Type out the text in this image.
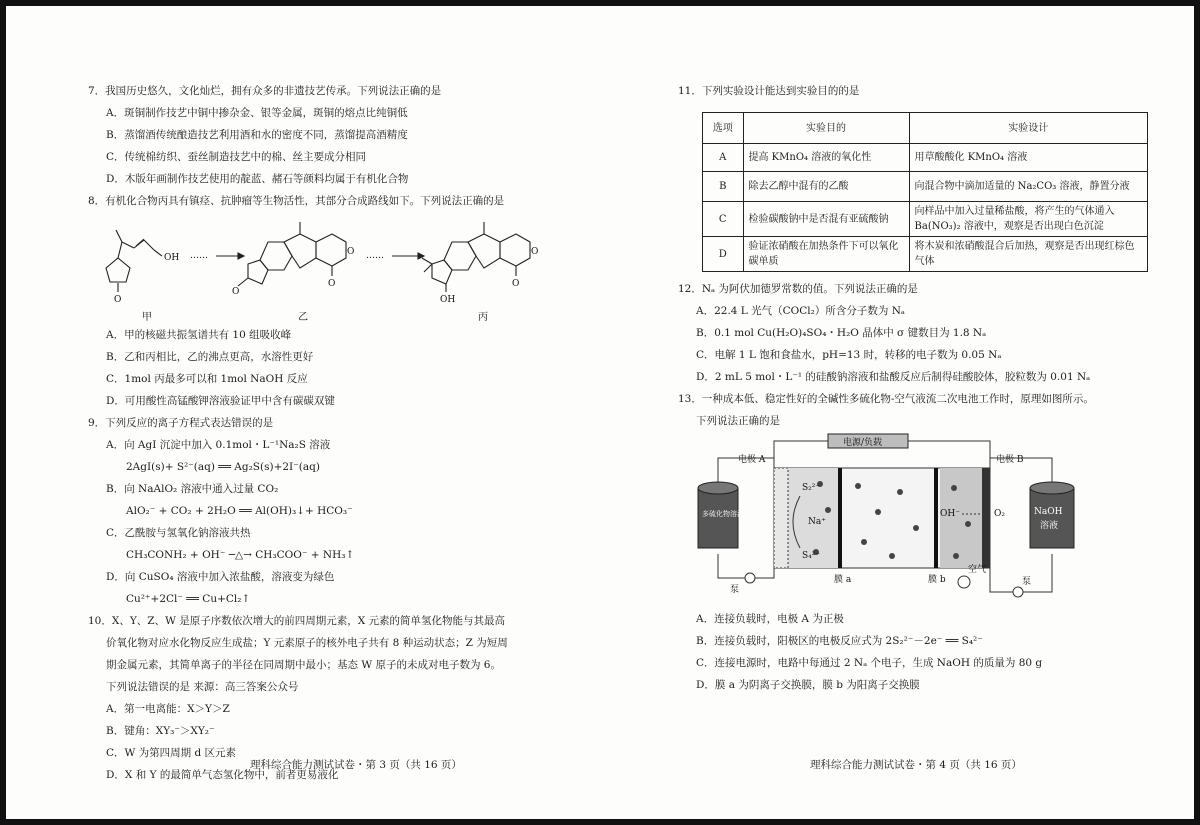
7．我国历史悠久，文化灿烂，拥有众多的非遗技艺传承。下列说法正确的是

A．斑铜制作技艺中铜中掺杂金、银等金属，斑铜的熔点比纯铜低

B．蒸馏酒传统酿造技艺利用酒和水的密度不同，蒸馏提高酒精度

C．传统棉纺织、蚕丝制造技艺中的棉、丝主要成分相同

D．木版年画制作技艺使用的靛蓝、赭石等颜料均属于有机化合物

8．有机化合物丙具有镇痉、抗肿瘤等生物活性，其部分合成路线如下。下列说法正确的是

O
OH ……
O
O
O
……
OH
O
O
甲	乙	丙

A．甲的核磁共振氢谱共有 10 组吸收峰

B．乙和丙相比，乙的沸点更高，水溶性更好

C．1mol 丙最多可以和 1mol NaOH 反应

D．可用酸性高锰酸钾溶液验证甲中含有碳碳双键

9．下列反应的离子方程式表达错误的是

A．向 AgI 沉淀中加入 0.1mol・L⁻¹Na₂S 溶液

2AgI(s)+ S²⁻(aq) ══ Ag₂S(s)+2I⁻(aq)

B．向 NaAlO₂ 溶液中通入过量 CO₂

AlO₂⁻ + CO₂ + 2H₂O ══ Al(OH)₃↓+ HCO₃⁻

C．乙酰胺与氢氧化钠溶液共热

CH₃CONH₂ + OH⁻ ─△→ CH₃COO⁻ + NH₃↑

D．向 CuSO₄ 溶液中加入浓盐酸，溶液变为绿色

Cu²⁺+2Cl⁻ ══ Cu+Cl₂↑

10．X、Y、Z、W 是原子序数依次增大的前四周期元素，X 元素的简单氢化物能与其最高

价氧化物对应水化物反应生成盐；Y 元素原子的核外电子共有 8 种运动状态；Z 为短周

期金属元素，其简单离子的半径在同周期中最小；基态 W 原子的未成对电子数为 6。

下列说法错误的是 来源：高三答案公众号

A．第一电离能：X＞Y＞Z

B．键角：XY₃⁻＞XY₂⁻

C．W 为第四周期 d 区元素

D．X 和 Y 的最简单气态氢化物中，前者更易液化

理科综合能力测试试卷・第 3 页（共 16 页）

11．下列实验设计能达到实验目的的是

选项	实验目的	实验设计
A	提高 KMnO₄ 溶液的氧化性	用草酸酸化 KMnO₄ 溶液
B	除去乙醇中混有的乙酸	向混合物中滴加适量的 Na₂CO₃ 溶液，静置分液
C	检验碳酸钠中是否混有亚硫酸钠	向样品中加入过量稀盐酸，将产生的气体通入 Ba(NO₃)₂ 溶液中，观察是否出现白色沉淀
D	验证浓硝酸在加热条件下可以氧化碳单质	将木炭和浓硝酸混合后加热，观察是否出现红棕色气体

12．Nₐ 为阿伏加德罗常数的值。下列说法正确的是

A．22.4 L 光气（COCl₂）所含分子数为 Nₐ

B．0.1 mol Cu(H₂O)₄SO₄・H₂O 晶体中 σ 键数目为 1.8 Nₐ

C．电解 1 L 饱和食盐水，pH=13 时，转移的电子数为 0.05 Nₐ

D．2 mL 5 mol・L⁻¹ 的硅酸钠溶液和盐酸反应后制得硅酸胶体，胶粒数为 0.01 Nₐ

13．一种成本低、稳定性好的全碱性多硫化物-空气液流二次电池工作时，原理如图所示。

下列说法正确的是

电源/负载
电极 A	电极 B
S₂²⁻
S₄²⁻
Na⁺
OH⁻	O₂
多硫化物溶液	NaOH
溶液
泵
泵
空气
膜 a	膜 b

A．连接负载时，电极 A 为正极

B．连接负载时，阳极区的电极反应式为 2S₂²⁻－2e⁻ ══ S₄²⁻

C．连接电源时，电路中每通过 2 Nₐ 个电子，生成 NaOH 的质量为 80 g

D．膜 a 为阴离子交换膜，膜 b 为阳离子交换膜

理科综合能力测试试卷・第 4 页（共 16 页）
